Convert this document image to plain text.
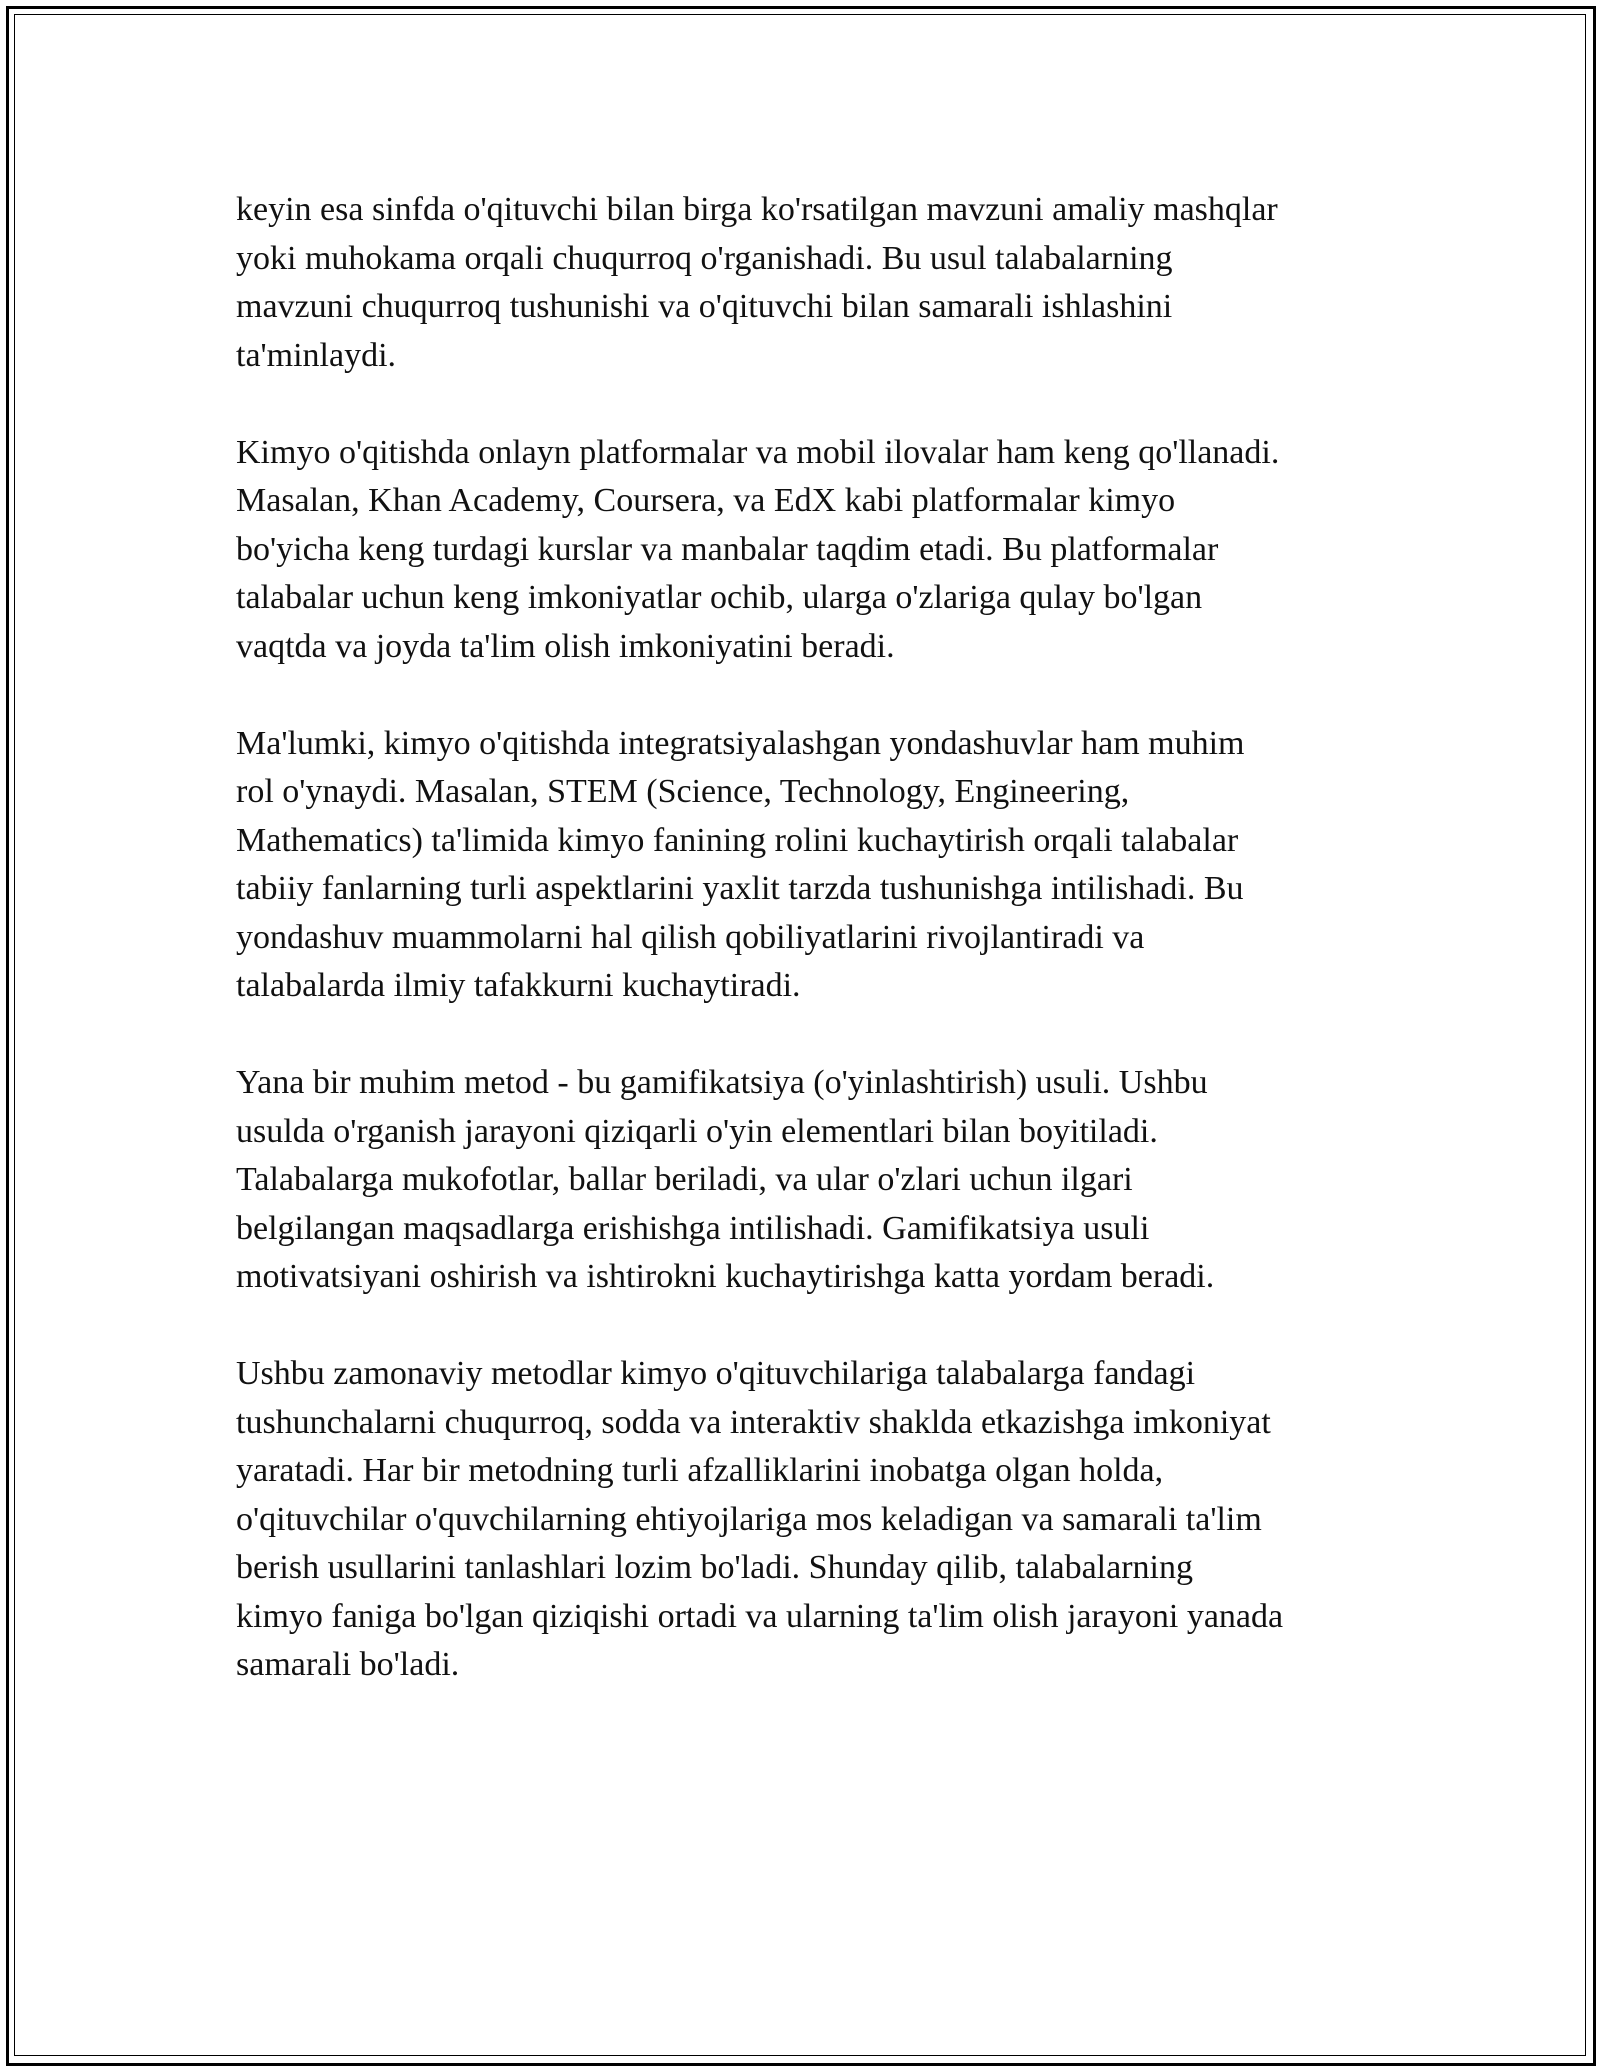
keyin esa sinfda o'qituvchi bilan birga ko'rsatilgan mavzuni amaliy mashqlar
yoki muhokama orqali chuqurroq o'rganishadi. Bu usul talabalarning
mavzuni chuqurroq tushunishi va o'qituvchi bilan samarali ishlashini
ta'minlaydi.

Kimyo o'qitishda onlayn platformalar va mobil ilovalar ham keng qo'llanadi.
Masalan, Khan Academy, Coursera, va EdX kabi platformalar kimyo
bo'yicha keng turdagi kurslar va manbalar taqdim etadi. Bu platformalar
talabalar uchun keng imkoniyatlar ochib, ularga o'zlariga qulay bo'lgan
vaqtda va joyda ta'lim olish imkoniyatini beradi.

Ma'lumki, kimyo o'qitishda integratsiyalashgan yondashuvlar ham muhim
rol o'ynaydi. Masalan, STEM (Science, Technology, Engineering,
Mathematics) ta'limida kimyo fanining rolini kuchaytirish orqali talabalar
tabiiy fanlarning turli aspektlarini yaxlit tarzda tushunishga intilishadi. Bu
yondashuv muammolarni hal qilish qobiliyatlarini rivojlantiradi va
talabalarda ilmiy tafakkurni kuchaytiradi.

Yana bir muhim metod - bu gamifikatsiya (o'yinlashtirish) usuli. Ushbu
usulda o'rganish jarayoni qiziqarli o'yin elementlari bilan boyitiladi.
Talabalarga mukofotlar, ballar beriladi, va ular o'zlari uchun ilgari
belgilangan maqsadlarga erishishga intilishadi. Gamifikatsiya usuli
motivatsiyani oshirish va ishtirokni kuchaytirishga katta yordam beradi.

Ushbu zamonaviy metodlar kimyo o'qituvchilariga talabalarga fandagi
tushunchalarni chuqurroq, sodda va interaktiv shaklda etkazishga imkoniyat
yaratadi. Har bir metodning turli afzalliklarini inobatga olgan holda,
o'qituvchilar o'quvchilarning ehtiyojlariga mos keladigan va samarali ta'lim
berish usullarini tanlashlari lozim bo'ladi. Shunday qilib, talabalarning
kimyo faniga bo'lgan qiziqishi ortadi va ularning ta'lim olish jarayoni yanada
samarali bo'ladi.
